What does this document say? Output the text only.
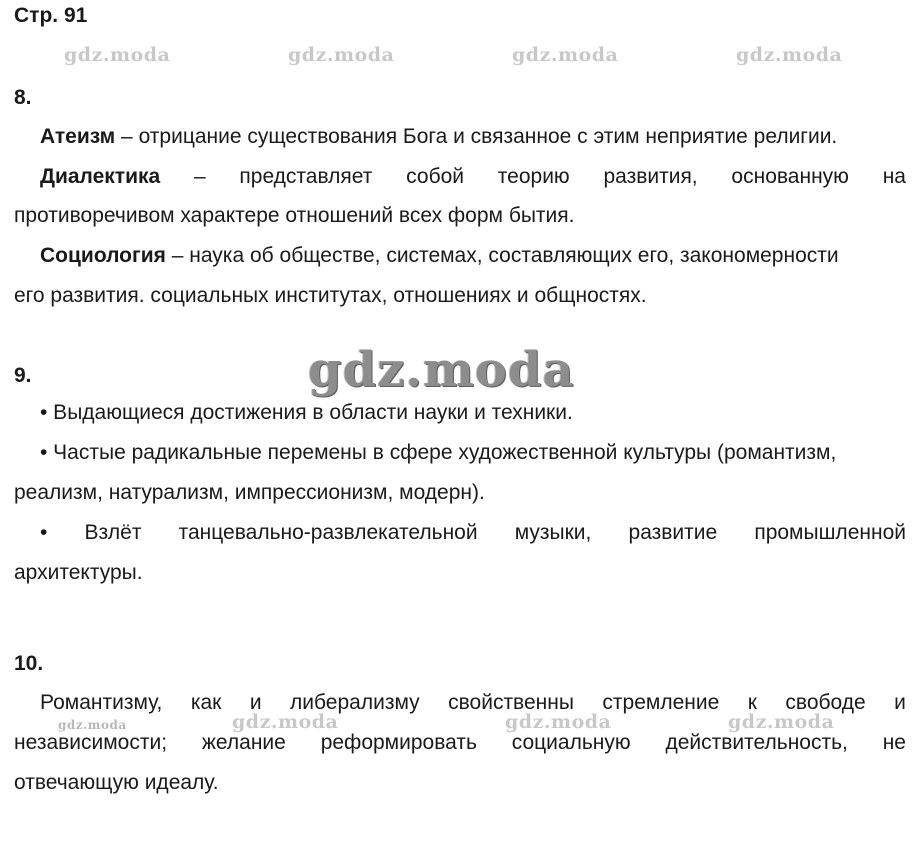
Стр. 91
gdz.moda	gdz.moda	gdz.moda	gdz.moda
8.
Атеизм – отрицание существования Бога и связанное с этим неприятие религии.
Диалектика – представляет собой теорию развития, основанную на
противоречивом характере отношений всех форм бытия.
Социология – наука об обществе, системах, составляющих его, закономерности
его развития. социальных институтах, отношениях и общностях.
gdz.moda
9.
• Выдающиеся достижения в области науки и техники.
• Частые радикальные перемены в сфере художественной культуры (романтизм,
реализм, натурализм, импрессионизм, модерн).
• Взлёт танцевально-развлекательной музыки, развитие промышленной
архитектуры.
10.
Романтизму, как и либерализму свойственны стремление к свободе и
gdz.moda	gdz.moda	gdz.moda	gdz.moda
независимости; желание реформировать социальную действительность, не
отвечающую идеалу.
